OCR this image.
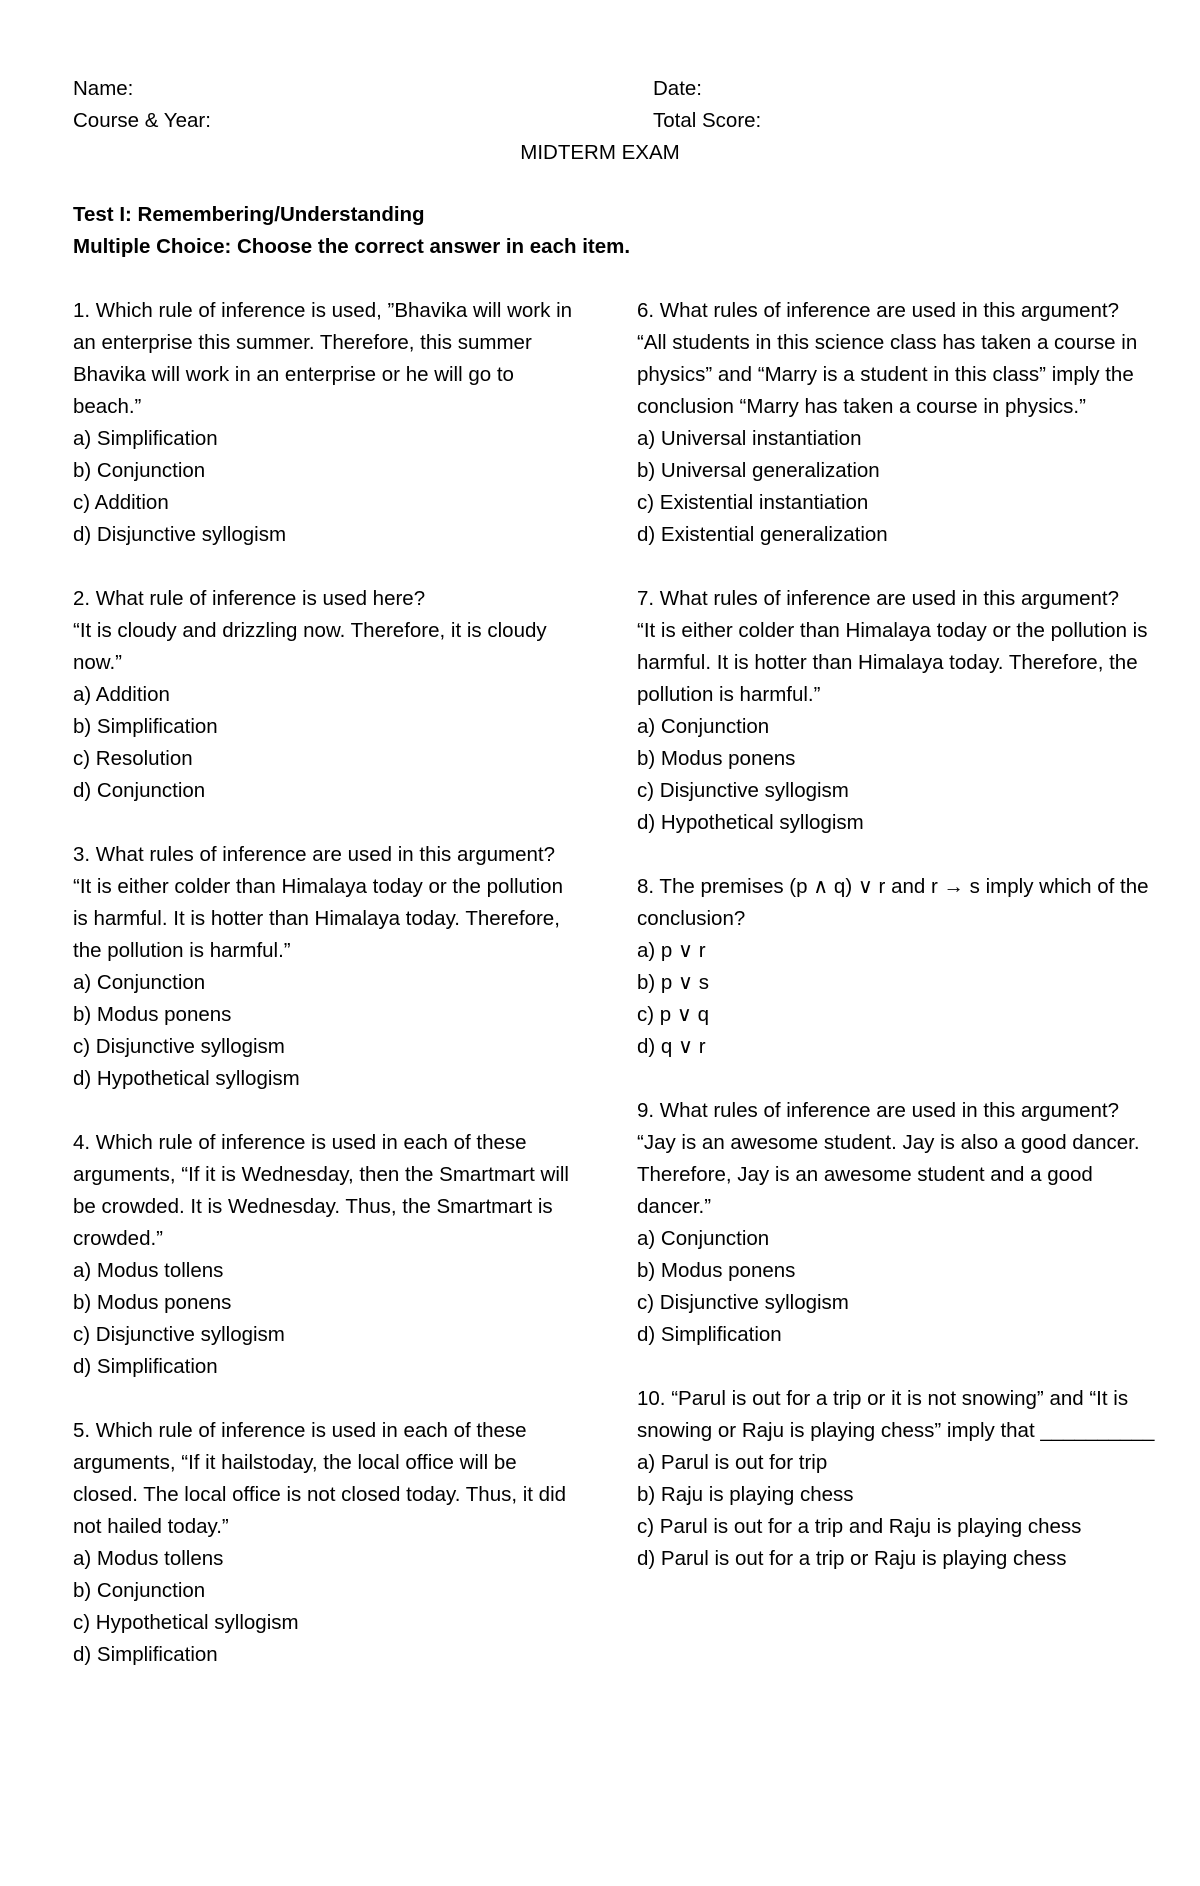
Name:
Course & Year:
Date:
Total Score:
MIDTERM EXAM
Test I: Remembering/Understanding
Multiple Choice: Choose the correct answer in each item.
1. Which rule of inference is used, ”Bhavika will work in an enterprise this summer. Therefore, this summer Bhavika will work in an enterprise or he will go to beach.”
a) Simplification
b) Conjunction
c) Addition
d) Disjunctive syllogism
2. What rule of inference is used here?
“It is cloudy and drizzling now. Therefore, it is cloudy now.”
a) Addition
b) Simplification
c) Resolution
d) Conjunction
3. What rules of inference are used in this argument?
“It is either colder than Himalaya today or the pollution is harmful. It is hotter than Himalaya today. Therefore, the pollution is harmful.”
a) Conjunction
b) Modus ponens
c) Disjunctive syllogism
d) Hypothetical syllogism
4. Which rule of inference is used in each of these arguments, “If it is Wednesday, then the Smartmart will be crowded. It is Wednesday. Thus, the Smartmart is crowded.”
a) Modus tollens
b) Modus ponens
c) Disjunctive syllogism
d) Simplification
5. Which rule of inference is used in each of these arguments, “If it hailstoday, the local office will be closed. The local office is not closed today. Thus, it did not hailed today.”
a) Modus tollens
b) Conjunction
c) Hypothetical syllogism
d) Simplification
6. What rules of inference are used in this argument?
“All students in this science class has taken a course in physics” and “Marry is a student in this class” imply the conclusion “Marry has taken a course in physics.”
a) Universal instantiation
b) Universal generalization
c) Existential instantiation
d) Existential generalization
7. What rules of inference are used in this argument?
“It is either colder than Himalaya today or the pollution is harmful. It is hotter than Himalaya today. Therefore, the pollution is harmful.”
a) Conjunction
b) Modus ponens
c) Disjunctive syllogism
d) Hypothetical syllogism
8. The premises (p ∧ q) ∨ r and r → s imply which of the conclusion?
a) p ∨ r
b) p ∨ s
c) p ∨ q
d) q ∨ r
9. What rules of inference are used in this argument?
“Jay is an awesome student. Jay is also a good dancer. Therefore, Jay is an awesome student and a good dancer.”
a) Conjunction
b) Modus ponens
c) Disjunctive syllogism
d) Simplification
10. “Parul is out for a trip or it is not snowing” and “It is snowing or Raju is playing chess” imply that __________
a) Parul is out for trip
b) Raju is playing chess
c) Parul is out for a trip and Raju is playing chess
d) Parul is out for a trip or Raju is playing chess
